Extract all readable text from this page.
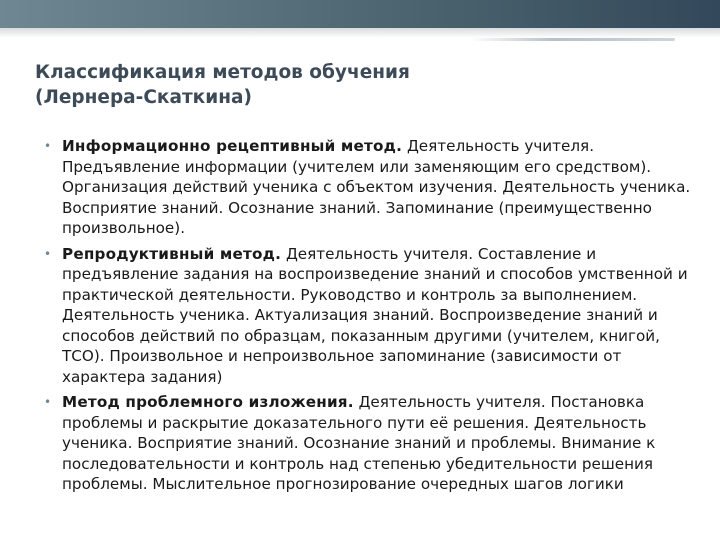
Классификация методов обучения
(Лернера-Скаткина)
• Информационно рецептивный метод. Деятельность учителя. Предъявление информации (учителем или заменяющим его средством). Организация действий ученика с объектом изучения. Деятельность ученика. Восприятие знаний. Осознание знаний. Запоминание (преимущественно произвольное).
• Репродуктивный метод. Деятельность учителя. Составление и предъявление задания на воспроизведение знаний и способов умственной и практической деятельности. Руководство и контроль за выполнением. Деятельность ученика. Актуализация знаний. Воспроизведение знаний и способов действий по образцам, показанным другими (учителем, книгой, ТСО). Произвольное и непроизвольное запоминание (зависимости от характера задания)
• Метод проблемного изложения. Деятельность учителя. Постановка проблемы и раскрытие доказательного пути её решения. Деятельность ученика. Восприятие знаний. Осознание знаний и проблемы. Внимание к последовательности и контроль над степенью убедительности решения проблемы. Мыслительное прогнозирование очередных шагов логики
